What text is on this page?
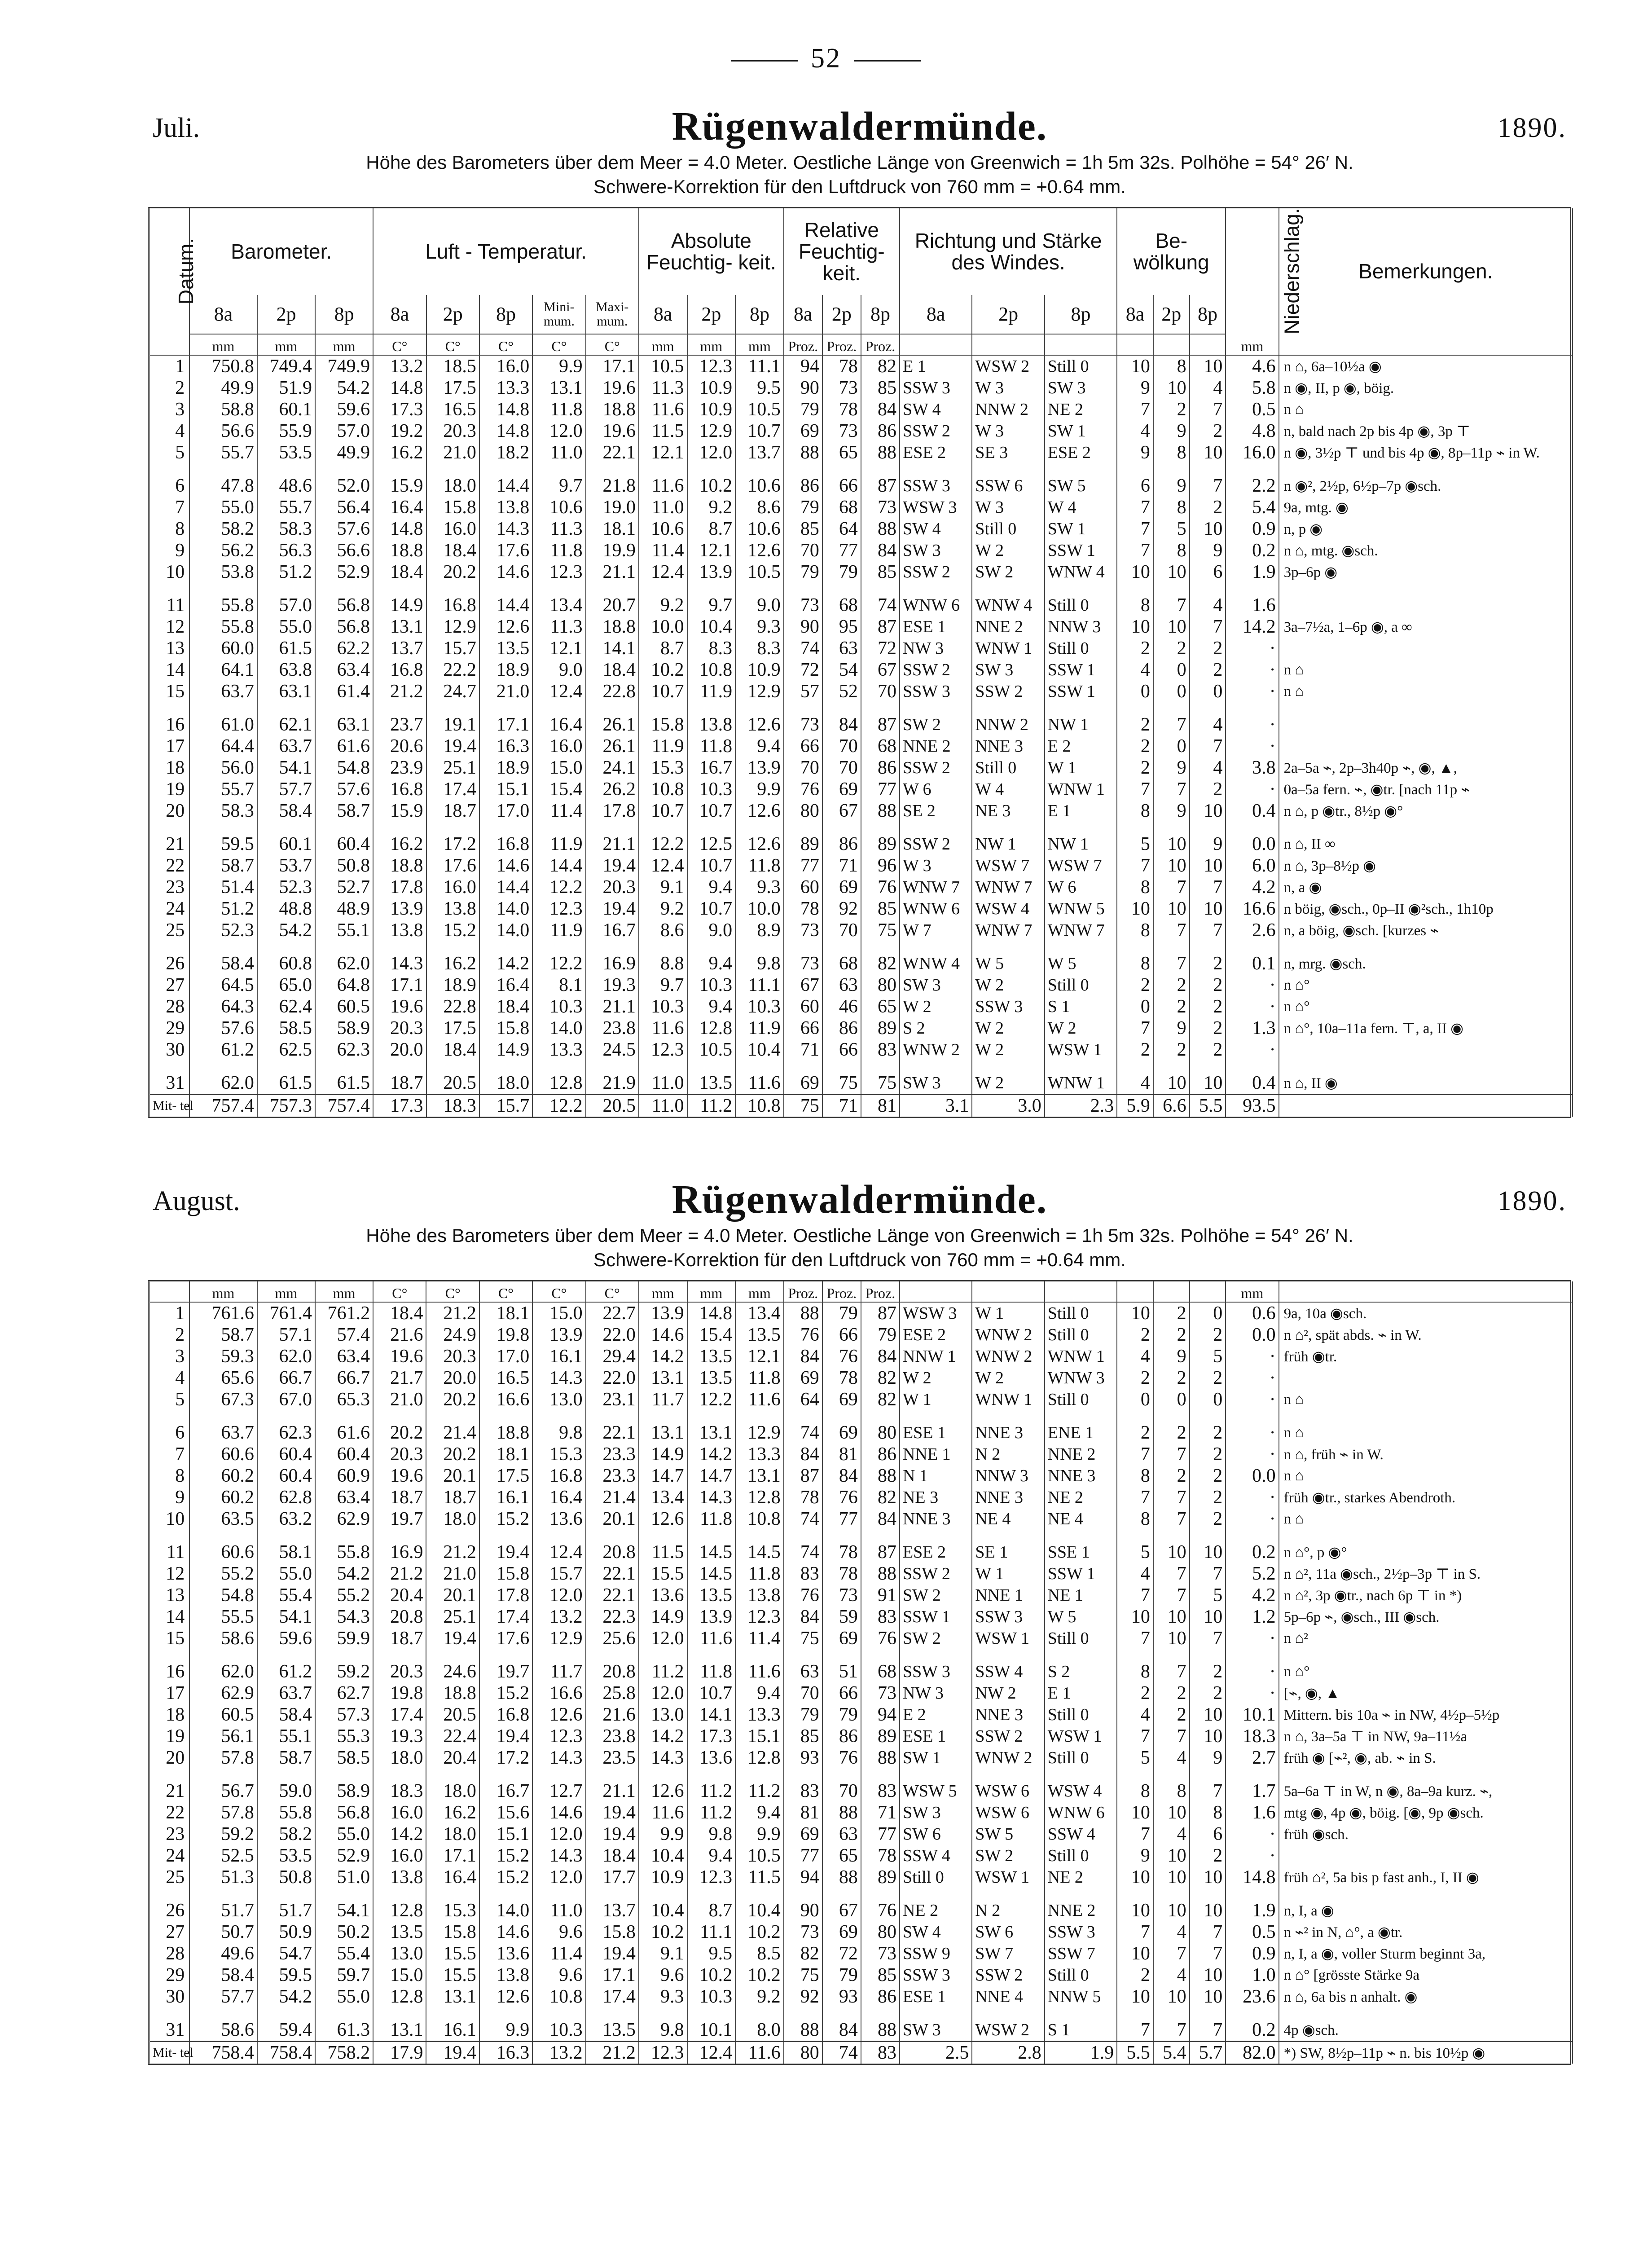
52
Juli.	Rügenwaldermünde.	1890.
Höhe des Barometers über dem Meer = 4.0 Meter. Oestliche Länge von Greenwich = 1h 5m 32s. Polhöhe = 54° 26′ N.
Schwere-Korrektion für den Luftdruck von 760 mm = +0.64 mm.
Datum.	Barometer.			Luft - Temperatur.					Absolute Feuchtig- keit.			Relative Feuchtig- keit.			Richtung und Stärke des Windes.			Be- wölkung			Niederschlag.	Bemerkungen.
	8a	2p	8p	8a	2p	8p	Mini- mum.	Maxi- mum.	8a	2p	8p	8a	2p	8p	8a	2p	8p	8a	2p	8p		
	mm	mm	mm	C°	C°	C°	C°	C°	mm	mm	mm	Proz.	Proz.	Proz.							mm	
1	750.8	749.4	749.9	13.2	18.5	16.0	9.9	17.1	10.5	12.3	11.1	94	78	82	E 1	WSW 2	Still 0	10	8	10	4.6	n ⌂, 6a–10½a ◉
2	49.9	51.9	54.2	14.8	17.5	13.3	13.1	19.6	11.3	10.9	9.5	90	73	85	SSW 3	W 3	SW 3	9	10	4	5.8	n ◉, II, p ◉, böig.
3	58.8	60.1	59.6	17.3	16.5	14.8	11.8	18.8	11.6	10.9	10.5	79	78	84	SW 4	NNW 2	NE 2	7	2	7	0.5	n ⌂
4	56.6	55.9	57.0	19.2	20.3	14.8	12.0	19.6	11.5	12.9	10.7	69	73	86	SSW 2	W 3	SW 1	4	9	2	4.8	n, bald nach 2p bis 4p ◉, 3p ⊤
5	55.7	53.5	49.9	16.2	21.0	18.2	11.0	22.1	12.1	12.0	13.7	88	65	88	ESE 2	SE 3	ESE 2	9	8	10	16.0	n ◉, 3½p ⊤ und bis 4p ◉, 8p–11p ⌁ in W.
6	47.8	48.6	52.0	15.9	18.0	14.4	9.7	21.8	11.6	10.2	10.6	86	66	87	SSW 3	SSW 6	SW 5	6	9	7	2.2	n ◉², 2½p, 6½p–7p ◉sch.
7	55.0	55.7	56.4	16.4	15.8	13.8	10.6	19.0	11.0	9.2	8.6	79	68	73	WSW 3	W 3	W 4	7	8	2	5.4	9a, mtg. ◉
8	58.2	58.3	57.6	14.8	16.0	14.3	11.3	18.1	10.6	8.7	10.6	85	64	88	SW 4	Still 0	SW 1	7	5	10	0.9	n, p ◉
9	56.2	56.3	56.6	18.8	18.4	17.6	11.8	19.9	11.4	12.1	12.6	70	77	84	SW 3	W 2	SSW 1	7	8	9	0.2	n ⌂, mtg. ◉sch.
10	53.8	51.2	52.9	18.4	20.2	14.6	12.3	21.1	12.4	13.9	10.5	79	79	85	SSW 2	SW 2	WNW 4	10	10	6	1.9	3p–6p ◉
11	55.8	57.0	56.8	14.9	16.8	14.4	13.4	20.7	9.2	9.7	9.0	73	68	74	WNW 6	WNW 4	Still 0	8	7	4	1.6	
12	55.8	55.0	56.8	13.1	12.9	12.6	11.3	18.8	10.0	10.4	9.3	90	95	87	ESE 1	NNE 2	NNW 3	10	10	7	14.2	3a–7½a, 1–6p ◉, a ∞
13	60.0	61.5	62.2	13.7	15.7	13.5	12.1	14.1	8.7	8.3	8.3	74	63	72	NW 3	WNW 1	Still 0	2	2	2	·	
14	64.1	63.8	63.4	16.8	22.2	18.9	9.0	18.4	10.2	10.8	10.9	72	54	67	SSW 2	SW 3	SSW 1	4	0	2	·	n ⌂
15	63.7	63.1	61.4	21.2	24.7	21.0	12.4	22.8	10.7	11.9	12.9	57	52	70	SSW 3	SSW 2	SSW 1	0	0	0	·	n ⌂
16	61.0	62.1	63.1	23.7	19.1	17.1	16.4	26.1	15.8	13.8	12.6	73	84	87	SW 2	NNW 2	NW 1	2	7	4	·	
17	64.4	63.7	61.6	20.6	19.4	16.3	16.0	26.1	11.9	11.8	9.4	66	70	68	NNE 2	NNE 3	E 2	2	0	7	·	
18	56.0	54.1	54.8	23.9	25.1	18.9	15.0	24.1	15.3	16.7	13.9	70	70	86	SSW 2	Still 0	W 1	2	9	4	3.8	2a–5a ⌁, 2p–3h40p ⌁, ◉, ▲,
19	55.7	57.7	57.6	16.8	17.4	15.1	15.4	26.2	10.8	10.3	9.9	76	69	77	W 6	W 4	WNW 1	7	7	2	·	0a–5a fern. ⌁, ◉tr. [nach 11p ⌁
20	58.3	58.4	58.7	15.9	18.7	17.0	11.4	17.8	10.7	10.7	12.6	80	67	88	SE 2	NE 3	E 1	8	9	10	0.4	n ⌂, p ◉tr., 8½p ◉°
21	59.5	60.1	60.4	16.2	17.2	16.8	11.9	21.1	12.2	12.5	12.6	89	86	89	SSW 2	NW 1	NW 1	5	10	9	0.0	n ⌂, II ∞
22	58.7	53.7	50.8	18.8	17.6	14.6	14.4	19.4	12.4	10.7	11.8	77	71	96	W 3	WSW 7	WSW 7	7	10	10	6.0	n ⌂, 3p–8½p ◉
23	51.4	52.3	52.7	17.8	16.0	14.4	12.2	20.3	9.1	9.4	9.3	60	69	76	WNW 7	WNW 7	W 6	8	7	7	4.2	n, a ◉
24	51.2	48.8	48.9	13.9	13.8	14.0	12.3	19.4	9.2	10.7	10.0	78	92	85	WNW 6	WSW 4	WNW 5	10	10	10	16.6	n böig, ◉sch., 0p–II ◉²sch., 1h10p
25	52.3	54.2	55.1	13.8	15.2	14.0	11.9	16.7	8.6	9.0	8.9	73	70	75	W 7	WNW 7	WNW 7	8	7	7	2.6	n, a böig, ◉sch. [kurzes ⌁
26	58.4	60.8	62.0	14.3	16.2	14.2	12.2	16.9	8.8	9.4	9.8	73	68	82	WNW 4	W 5	W 5	8	7	2	0.1	n, mrg. ◉sch.
27	64.5	65.0	64.8	17.1	18.9	16.4	8.1	19.3	9.7	10.3	11.1	67	63	80	SW 3	W 2	Still 0	2	2	2	·	n ⌂°
28	64.3	62.4	60.5	19.6	22.8	18.4	10.3	21.1	10.3	9.4	10.3	60	46	65	W 2	SSW 3	S 1	0	2	2	·	n ⌂°
29	57.6	58.5	58.9	20.3	17.5	15.8	14.0	23.8	11.6	12.8	11.9	66	86	89	S 2	W 2	W 2	7	9	2	1.3	n ⌂°, 10a–11a fern. ⊤, a, II ◉
30	61.2	62.5	62.3	20.0	18.4	14.9	13.3	24.5	12.3	10.5	10.4	71	66	83	WNW 2	W 2	WSW 1	2	2	2	·	
31	62.0	61.5	61.5	18.7	20.5	18.0	12.8	21.9	11.0	13.5	11.6	69	75	75	SW 3	W 2	WNW 1	4	10	10	0.4	n ⌂, II ◉
Mit- tel	757.4	757.3	757.4	17.3	18.3	15.7	12.2	20.5	11.0	11.2	10.8	75	71	81	3.1	3.0	2.3	5.9	6.6	5.5	93.5	
August.	Rügenwaldermünde.	1890.
Höhe des Barometers über dem Meer = 4.0 Meter. Oestliche Länge von Greenwich = 1h 5m 32s. Polhöhe = 54° 26′ N.
Schwere-Korrektion für den Luftdruck von 760 mm = +0.64 mm.
	mm	mm	mm	C°	C°	C°	C°	C°	mm	mm	mm	Proz.	Proz.	Proz.							mm	
1	761.6	761.4	761.2	18.4	21.2	18.1	15.0	22.7	13.9	14.8	13.4	88	79	87	WSW 3	W 1	Still 0	10	2	0	0.6	9a, 10a ◉sch.
2	58.7	57.1	57.4	21.6	24.9	19.8	13.9	22.0	14.6	15.4	13.5	76	66	79	ESE 2	WNW 2	Still 0	2	2	2	0.0	n ⌂², spät abds. ⌁ in W.
3	59.3	62.0	63.4	19.6	20.3	17.0	16.1	29.4	14.2	13.5	12.1	84	76	84	NNW 1	WNW 2	WNW 1	4	9	5	·	früh ◉tr.
4	65.6	66.7	66.7	21.7	20.0	16.5	14.3	22.0	13.1	13.5	11.8	69	78	82	W 2	W 2	WNW 3	2	2	2	·	
5	67.3	67.0	65.3	21.0	20.2	16.6	13.0	23.1	11.7	12.2	11.6	64	69	82	W 1	WNW 1	Still 0	0	0	0	·	n ⌂
6	63.7	62.3	61.6	20.2	21.4	18.8	9.8	22.1	13.1	13.1	12.9	74	69	80	ESE 1	NNE 3	ENE 1	2	2	2	·	n ⌂
7	60.6	60.4	60.4	20.3	20.2	18.1	15.3	23.3	14.9	14.2	13.3	84	81	86	NNE 1	N 2	NNE 2	7	7	2	·	n ⌂, früh ⌁ in W.
8	60.2	60.4	60.9	19.6	20.1	17.5	16.8	23.3	14.7	14.7	13.1	87	84	88	N 1	NNW 3	NNE 3	8	2	2	0.0	n ⌂
9	60.2	62.8	63.4	18.7	18.7	16.1	16.4	21.4	13.4	14.3	12.8	78	76	82	NE 3	NNE 3	NE 2	7	7	2	·	früh ◉tr., starkes Abendroth.
10	63.5	63.2	62.9	19.7	18.0	15.2	13.6	20.1	12.6	11.8	10.8	74	77	84	NNE 3	NE 4	NE 4	8	7	2	·	n ⌂
11	60.6	58.1	55.8	16.9	21.2	19.4	12.4	20.8	11.5	14.5	14.5	74	78	87	ESE 2	SE 1	SSE 1	5	10	10	0.2	n ⌂°, p ◉°
12	55.2	55.0	54.2	21.2	21.0	15.8	15.7	22.1	15.5	14.5	11.8	83	78	88	SSW 2	W 1	SSW 1	4	7	7	5.2	n ⌂², 11a ◉sch., 2½p–3p ⊤ in S.
13	54.8	55.4	55.2	20.4	20.1	17.8	12.0	22.1	13.6	13.5	13.8	76	73	91	SW 2	NNE 1	NE 1	7	7	5	4.2	n ⌂², 3p ◉tr., nach 6p ⊤ in *)
14	55.5	54.1	54.3	20.8	25.1	17.4	13.2	22.3	14.9	13.9	12.3	84	59	83	SSW 1	SSW 3	W 5	10	10	10	1.2	5p–6p ⌁, ◉sch., III ◉sch.
15	58.6	59.6	59.9	18.7	19.4	17.6	12.9	25.6	12.0	11.6	11.4	75	69	76	SW 2	WSW 1	Still 0	7	10	7	·	n ⌂²
16	62.0	61.2	59.2	20.3	24.6	19.7	11.7	20.8	11.2	11.8	11.6	63	51	68	SSW 3	SSW 4	S 2	8	7	2	·	n ⌂°
17	62.9	63.7	62.7	19.8	18.8	15.2	16.6	25.8	12.0	10.7	9.4	70	66	73	NW 3	NW 2	E 1	2	2	2	·	[⌁, ◉, ▲
18	60.5	58.4	57.3	17.4	20.5	16.8	12.6	21.6	13.0	14.1	13.3	79	79	94	E 2	NNE 3	Still 0	4	2	10	10.1	Mittern. bis 10a ⌁ in NW, 4½p–5½p
19	56.1	55.1	55.3	19.3	22.4	19.4	12.3	23.8	14.2	17.3	15.1	85	86	89	ESE 1	SSW 2	WSW 1	7	7	10	18.3	n ⌂, 3a–5a ⊤ in NW, 9a–11½a
20	57.8	58.7	58.5	18.0	20.4	17.2	14.3	23.5	14.3	13.6	12.8	93	76	88	SW 1	WNW 2	Still 0	5	4	9	2.7	früh ◉ [⌁², ◉, ab. ⌁ in S.
21	56.7	59.0	58.9	18.3	18.0	16.7	12.7	21.1	12.6	11.2	11.2	83	70	83	WSW 5	WSW 6	WSW 4	8	8	7	1.7	5a–6a ⊤ in W, n ◉, 8a–9a kurz. ⌁,
22	57.8	55.8	56.8	16.0	16.2	15.6	14.6	19.4	11.6	11.2	9.4	81	88	71	SW 3	WSW 6	WNW 6	10	10	8	1.6	mtg ◉, 4p ◉, böig. [◉, 9p ◉sch.
23	59.2	58.2	55.0	14.2	18.0	15.1	12.0	19.4	9.9	9.8	9.9	69	63	77	SW 6	SW 5	SSW 4	7	4	6	·	früh ◉sch.
24	52.5	53.5	52.9	16.0	17.1	15.2	14.3	18.4	10.4	9.4	10.5	77	65	78	SSW 4	SW 2	Still 0	9	10	2	·	
25	51.3	50.8	51.0	13.8	16.4	15.2	12.0	17.7	10.9	12.3	11.5	94	88	89	Still 0	WSW 1	NE 2	10	10	10	14.8	früh ⌂², 5a bis p fast anh., I, II ◉
26	51.7	51.7	54.1	12.8	15.3	14.0	11.0	13.7	10.4	8.7	10.4	90	67	76	NE 2	N 2	NNE 2	10	10	10	1.9	n, I, a ◉
27	50.7	50.9	50.2	13.5	15.8	14.6	9.6	15.8	10.2	11.1	10.2	73	69	80	SW 4	SW 6	SSW 3	7	4	7	0.5	n ⌁² in N, ⌂°, a ◉tr.
28	49.6	54.7	55.4	13.0	15.5	13.6	11.4	19.4	9.1	9.5	8.5	82	72	73	SSW 9	SW 7	SSW 7	10	7	7	0.9	n, I, a ◉, voller Sturm beginnt 3a,
29	58.4	59.5	59.7	15.0	15.5	13.8	9.6	17.1	9.6	10.2	10.2	75	79	85	SSW 3	SSW 2	Still 0	2	4	10	1.0	n ⌂° [grösste Stärke 9a
30	57.7	54.2	55.0	12.8	13.1	12.6	10.8	17.4	9.3	10.3	9.2	92	93	86	ESE 1	NNE 4	NNW 5	10	10	10	23.6	n ⌂, 6a bis n anhalt. ◉
31	58.6	59.4	61.3	13.1	16.1	9.9	10.3	13.5	9.8	10.1	8.0	88	84	88	SW 3	WSW 2	S 1	7	7	7	0.2	4p ◉sch.
Mit- tel	758.4	758.4	758.2	17.9	19.4	16.3	13.2	21.2	12.3	12.4	11.6	80	74	83	2.5	2.8	1.9	5.5	5.4	5.7	82.0	*) SW, 8½p–11p ⌁ n. bis 10½p ◉
